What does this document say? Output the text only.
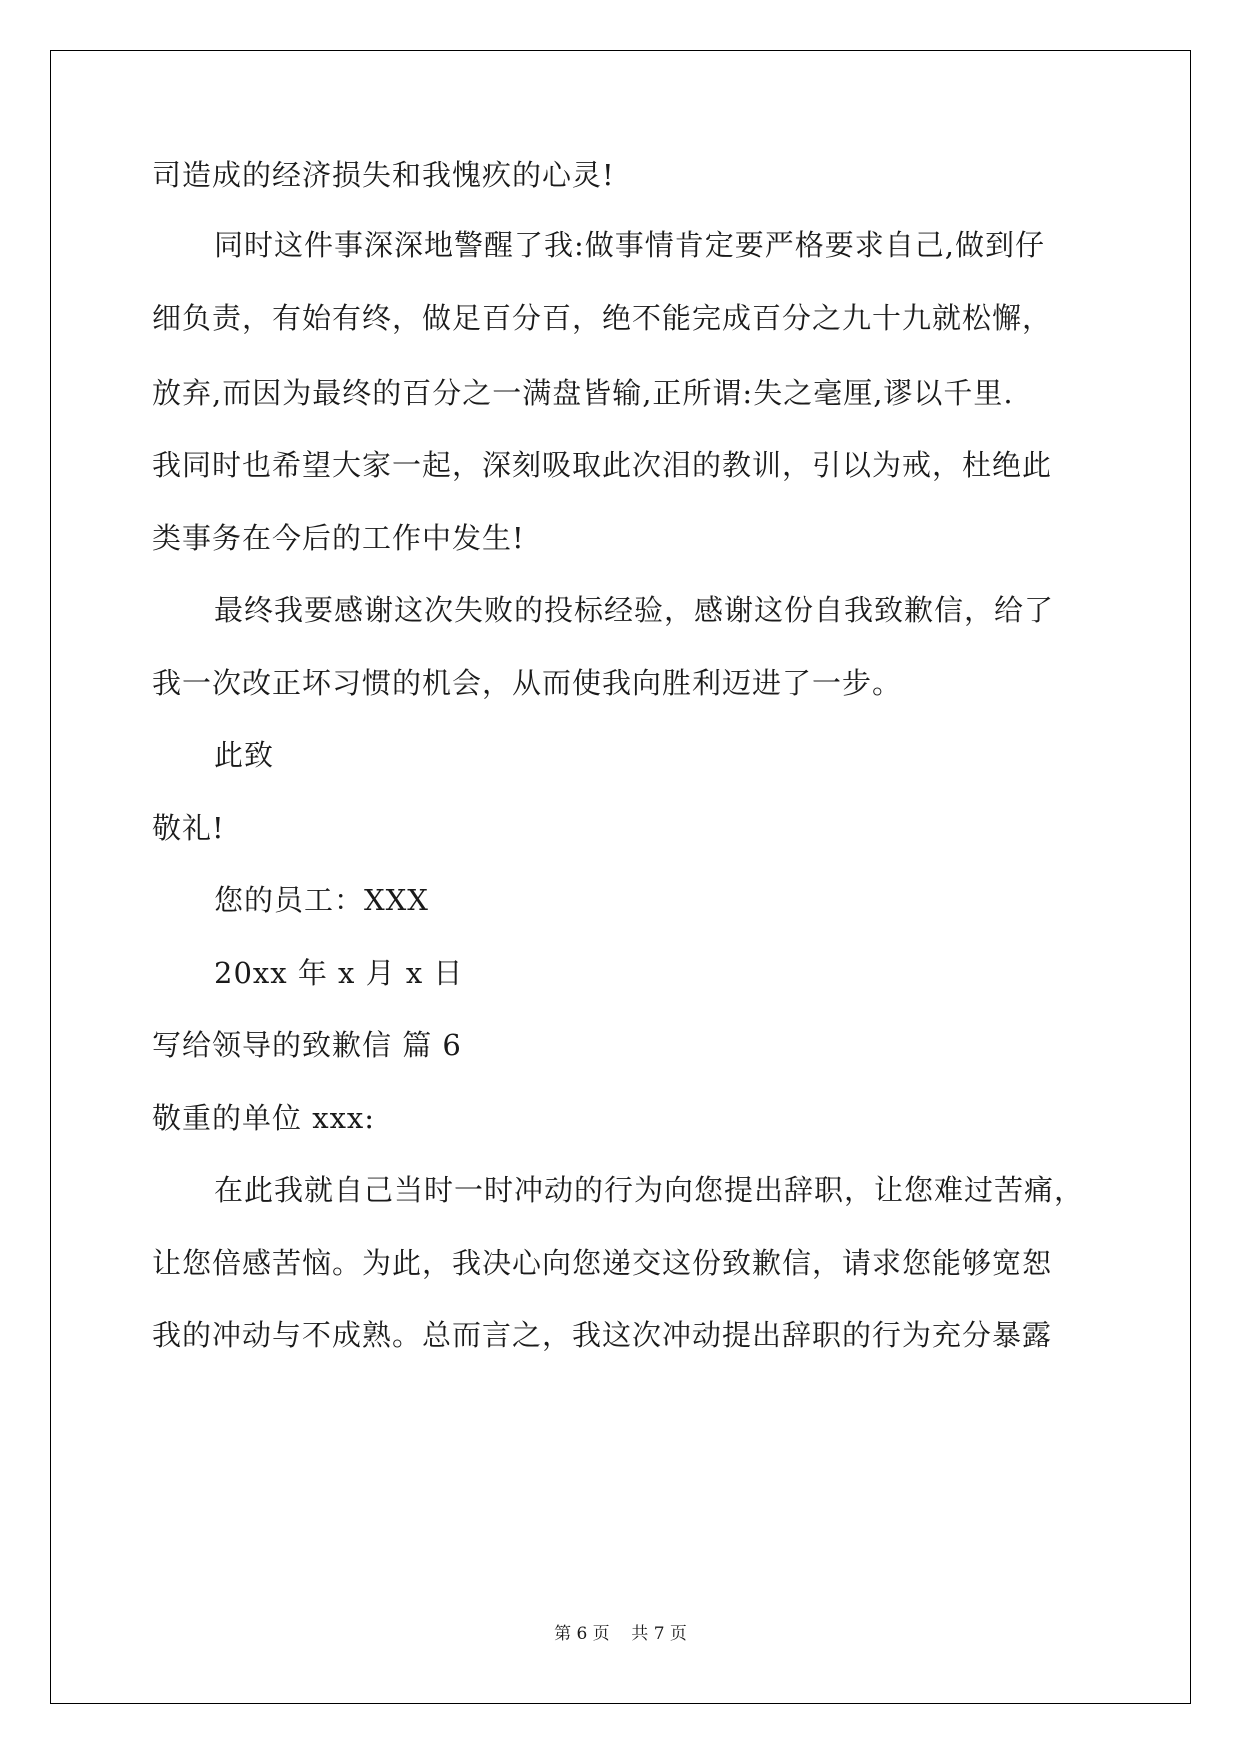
司造成的经济损失和我愧疚的心灵!

同时这件事深深地警醒了我:做事情肯定要严格要求自己,做到仔

细负责，有始有终，做足百分百，绝不能完成百分之九十九就松懈，

放弃,而因为最终的百分之一满盘皆输,正所谓:失之毫厘,谬以千里.

我同时也希望大家一起，深刻吸取此次泪的教训，引以为戒，杜绝此

类事务在今后的工作中发生!

最终我要感谢这次失败的投标经验，感谢这份自我致歉信，给了

我一次改正坏习惯的机会，从而使我向胜利迈进了一步。

此致

敬礼!

您的员工：XXX

20xx 年 x 月 x 日

写给领导的致歉信 篇 6

敬重的单位 xxx:

在此我就自己当时一时冲动的行为向您提出辞职，让您难过苦痛，

让您倍感苦恼。为此，我决心向您递交这份致歉信，请求您能够宽恕

我的冲动与不成熟。总而言之，我这次冲动提出辞职的行为充分暴露

第 6 页    共 7 页
